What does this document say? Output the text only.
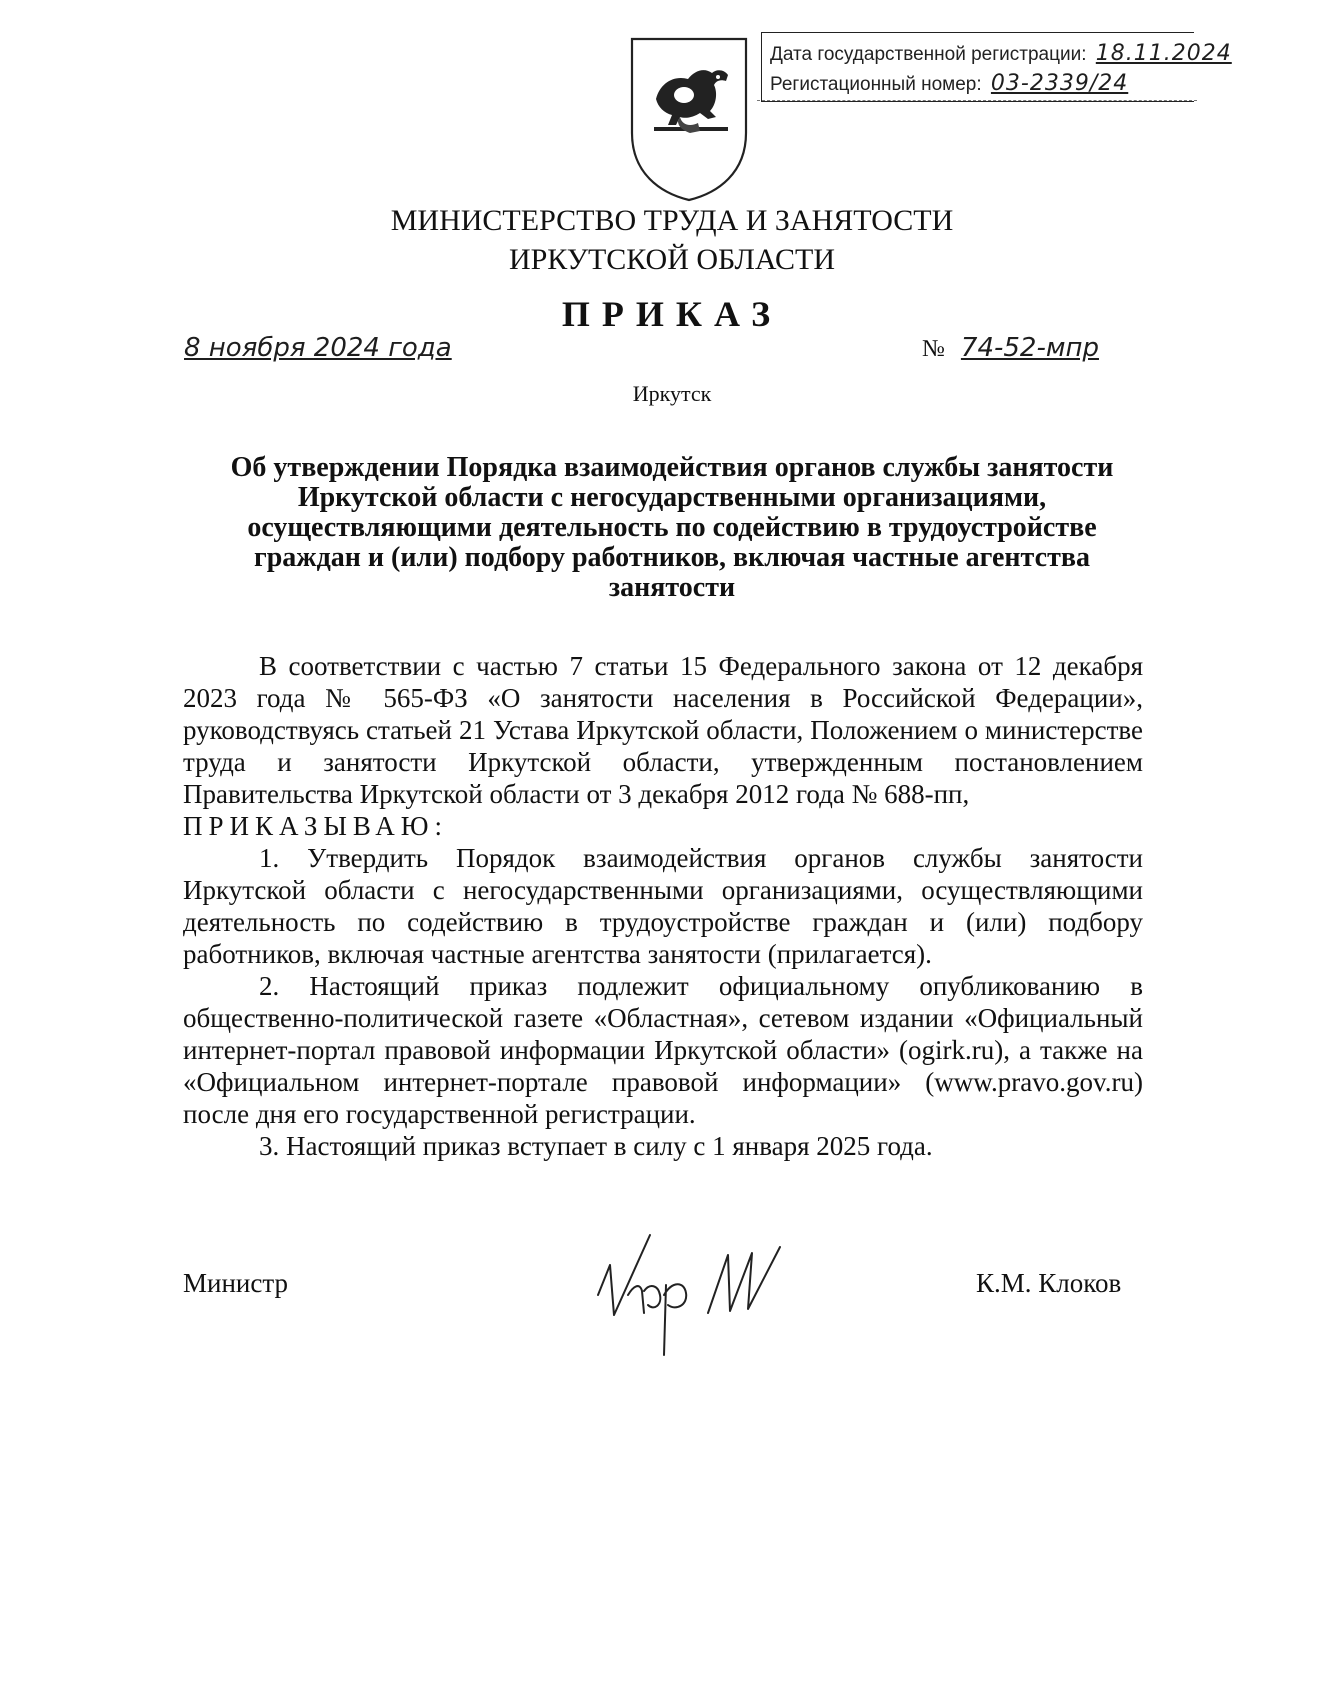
Дата государственной регистрации: 18.11.2024
Регистационный номер: 03-2339/24
МИНИСТЕРСТВО ТРУДА И ЗАНЯТОСТИ
ИРКУТСКОЙ ОБЛАСТИ
ПРИКАЗ
8 ноября 2024 года	№ 74-52-мпр
Иркутск
Об утверждении Порядка взаимодействия органов службы занятости Иркутской области с негосударственными организациями, осуществляющими деятельность по содействию в трудоустройстве граждан и (или) подбору работников, включая частные агентства занятости

В соответствии с частью 7 статьи 15 Федерального закона от 12 декабря 2023 года № 565-ФЗ «О занятости населения в Российской Федерации», руководствуясь статьей 21 Устава Иркутской области, Положением о министерстве труда и занятости Иркутской области, утвержденным постановлением Правительства Иркутской области от 3 декабря 2012 года № 688-пп,

ПРИКАЗЫВАЮ:

1. Утвердить Порядок взаимодействия органов службы занятости Иркутской области с негосударственными организациями, осуществляющими деятельность по содействию в трудоустройстве граждан и (или) подбору работников, включая частные агентства занятости (прилагается).

2. Настоящий приказ подлежит официальному опубликованию в общественно-политической газете «Областная», сетевом издании «Официальный интернет-портал правовой информации Иркутской области» (ogirk.ru), а также на «Официальном интернет-портале правовой информации» (www.pravo.gov.ru) после дня его государственной регистрации.

3. Настоящий приказ вступает в силу с 1 января 2025 года.

Министр	К.М. Клоков
